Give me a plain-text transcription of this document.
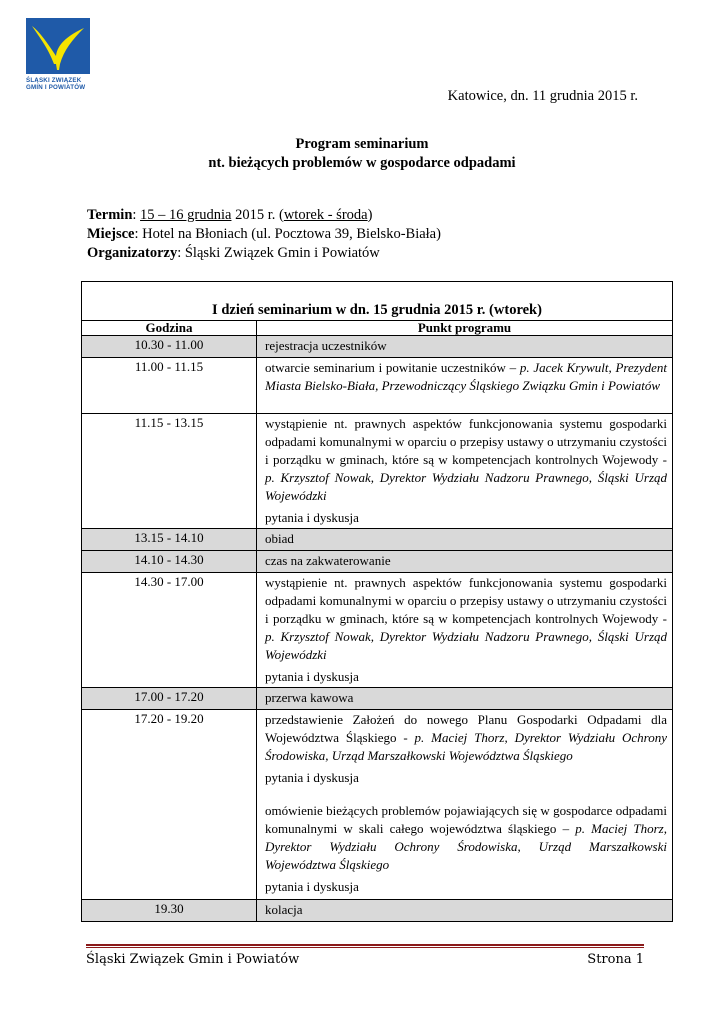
ŚLĄSKI ZWIĄZEK
GMIN I POWIATÓW
Katowice, dn. 11 grudnia 2015 r.
Program seminarium
nt. bieżących problemów w gospodarce odpadami
Termin: 15 – 16 grudnia 2015 r. (wtorek - środa)
Miejsce: Hotel na Błoniach (ul. Pocztowa 39, Bielsko-Biała)
Organizatorzy: Śląski Związek Gmin i Powiatów
I dzień seminarium w dn. 15 grudnia 2015 r. (wtorek)	
Godzina	Punkt programu
10.30 - 11.00	rejestracja uczestników
11.00 - 11.15	otwarcie seminarium i powitanie uczestników – p. Jacek Krywult, Prezydent Miasta Bielsko-Biała, Przewodniczący Śląskiego Związku Gmin i Powiatów
11.15 - 13.15	wystąpienie nt. prawnych aspektów funkcjonowania systemu gospodarki odpadami komunalnymi w oparciu o przepisy ustawy o utrzymaniu czystości i porządku w gminach, które są w kompetencjach kontrolnych Wojewody - p. Krzysztof Nowak, Dyrektor Wydziału Nadzoru Prawnego, Śląski Urząd Wojewódzki
pytania i dyskusja

13.15 - 14.10	obiad
14.10 - 14.30	czas na zakwaterowanie
14.30 - 17.00	wystąpienie nt. prawnych aspektów funkcjonowania systemu gospodarki odpadami komunalnymi w oparciu o przepisy ustawy o utrzymaniu czystości i porządku w gminach, które są w kompetencjach kontrolnych Wojewody - p. Krzysztof Nowak, Dyrektor Wydziału Nadzoru Prawnego, Śląski Urząd Wojewódzki
pytania i dyskusja

17.00 - 17.20	przerwa kawowa
17.20 - 19.20	przedstawienie Założeń do nowego Planu Gospodarki Odpadami dla Województwa Śląskiego - p. Maciej Thorz, Dyrektor Wydziału Ochrony Środowiska, Urząd Marszałkowski Województwa Śląskiego
pytania i dyskusja
omówienie bieżących problemów pojawiających się w gospodarce odpadami komunalnymi w skali całego województwa śląskiego – p. Maciej Thorz, Dyrektor Wydziału Ochrony Środowiska, Urząd Marszałkowski Województwa Śląskiego
pytania i dyskusja

19.30	kolacja
Śląski Związek Gmin i Powiatów	Strona 1
